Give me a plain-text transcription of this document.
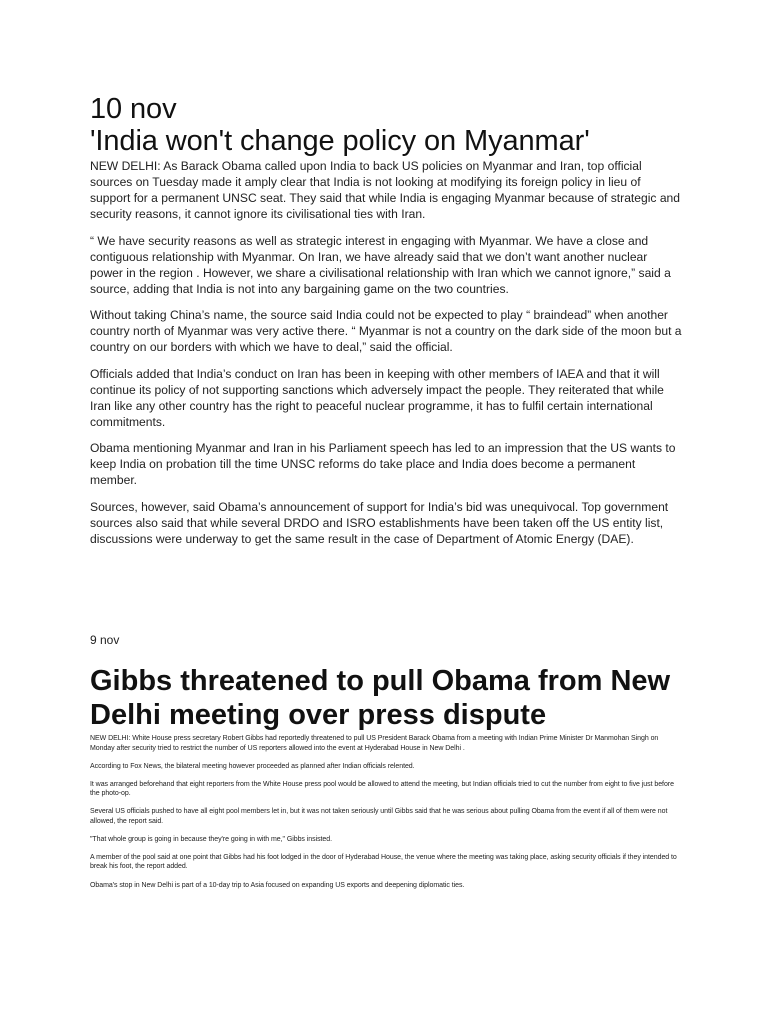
10 nov
'India won't change policy on Myanmar'

NEW DELHI: As Barack Obama called upon India to back US policies on Myanmar and Iran, top official sources on Tuesday made it amply clear that India is not looking at modifying its foreign policy in lieu of support for a permanent UNSC seat. They said that while India is engaging Myanmar because of strategic and security reasons, it cannot ignore its civilisational ties with Iran.

“ We have security reasons as well as strategic interest in engaging with Myanmar. We have a close and contiguous relationship with Myanmar. On Iran, we have already said that we don’t want another nuclear power in the region . However, we share a civilisational relationship with Iran which we cannot ignore,” said a source, adding that India is not into any bargaining game on the two countries.

Without taking China’s name, the source said India could not be expected to play “ braindead” when another country north of Myanmar was very active there. “ Myanmar is not a country on the dark side of the moon but a country on our borders with which we have to deal,” said the official.

Officials added that India’s conduct on Iran has been in keeping with other members of IAEA and that it will continue its policy of not supporting sanctions which adversely impact the people. They reiterated that while Iran like any other country has the right to peaceful nuclear programme, it has to fulfil certain international commitments.

Obama mentioning Myanmar and Iran in his Parliament speech has led to an impression that the US wants to keep India on probation till the time UNSC reforms do take place and India does become a permanent member.

Sources, however, said Obama’s announcement of support for India’s bid was unequivocal. Top government sources also said that while several DRDO and ISRO establishments have been taken off the US entity list, discussions were underway to get the same result in the case of Department of Atomic Energy (DAE).

9 nov

Gibbs threatened to pull Obama from New Delhi meeting over press dispute

NEW DELHI: White House press secretary Robert Gibbs had reportedly threatened to pull US President Barack Obama from a meeting with Indian Prime Minister Dr Manmohan Singh on Monday after security tried to restrict the number of US reporters allowed into the event at Hyderabad House in New Delhi .

According to Fox News, the bilateral meeting however proceeded as planned after Indian officials relented.

It was arranged beforehand that eight reporters from the White House press pool would be allowed to attend the meeting, but Indian officials tried to cut the number from eight to five just before the photo-op.

Several US officials pushed to have all eight pool members let in, but it was not taken seriously until Gibbs said that he was serious about pulling Obama from the event if all of them were not allowed, the report said.

"That whole group is going in because they're going in with me," Gibbs insisted.

A member of the pool said at one point that Gibbs had his foot lodged in the door of Hyderabad House, the venue where the meeting was taking place, asking security officials if they intended to break his foot, the report added.

Obama's stop in New Delhi is part of a 10-day trip to Asia focused on expanding US exports and deepening diplomatic ties.
